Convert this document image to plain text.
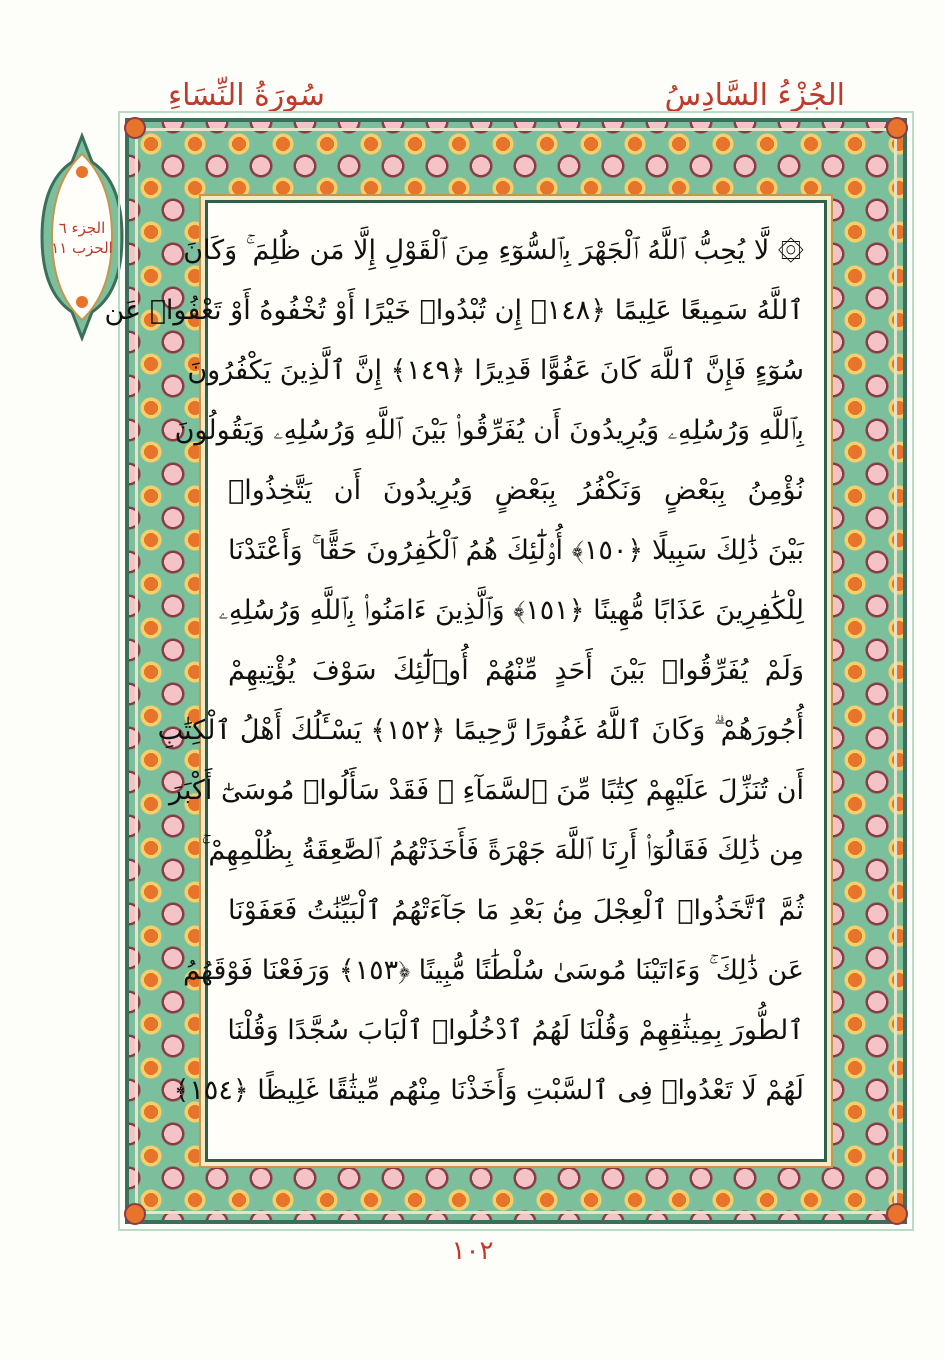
الجُزْءُ السَّادِسُ
سُورَةُ النِّسَاءِ
الجزء ٦
الحزب ١١	۞ لَّا يُحِبُّ ٱللَّهُ ٱلْجَهْرَ بِٱلسُّوٓءِ مِنَ ٱلْقَوْلِ إِلَّا مَن ظُلِمَ ۚ وَكَانَ
ٱللَّهُ سَمِيعًا عَلِيمًا ﴿١٤٨﴾ إِن تُبْدُوا۟ خَيْرًا أَوْ تُخْفُوهُ أَوْ تَعْفُوا۟ عَن
سُوٓءٍ فَإِنَّ ٱللَّهَ كَانَ عَفُوًّا قَدِيرًا ﴿١٤٩﴾ إِنَّ ٱلَّذِينَ يَكْفُرُونَ
بِٱللَّهِ وَرُسُلِهِۦ وَيُرِيدُونَ أَن يُفَرِّقُوا۟ بَيْنَ ٱللَّهِ وَرُسُلِهِۦ وَيَقُولُونَ
نُؤْمِنُ بِبَعْضٍ وَنَكْفُرُ بِبَعْضٍ وَيُرِيدُونَ أَن يَتَّخِذُوا۟
بَيْنَ ذَٰلِكَ سَبِيلًا ﴿١٥٠﴾ أُو۟لَٰٓئِكَ هُمُ ٱلْكَٰفِرُونَ حَقًّا ۚ وَأَعْتَدْنَا
لِلْكَٰفِرِينَ عَذَابًا مُّهِينًا ﴿١٥١﴾ وَٱلَّذِينَ ءَامَنُوا۟ بِٱللَّهِ وَرُسُلِهِۦ
وَلَمْ يُفَرِّقُوا۟ بَيْنَ أَحَدٍ مِّنْهُمْ أُو۟لَٰٓئِكَ سَوْفَ يُؤْتِيهِمْ
أُجُورَهُمْ ۗ وَكَانَ ٱللَّهُ غَفُورًا رَّحِيمًا ﴿١٥٢﴾ يَسْـَٔلُكَ أَهْلُ ٱلْكِتَٰبِ
أَن تُنَزِّلَ عَلَيْهِمْ كِتَٰبًا مِّنَ ٱلسَّمَآءِ ۚ فَقَدْ سَأَلُوا۟ مُوسَىٰٓ أَكْبَرَ
مِن ذَٰلِكَ فَقَالُوٓا۟ أَرِنَا ٱللَّهَ جَهْرَةً فَأَخَذَتْهُمُ ٱلصَّٰعِقَةُ بِظُلْمِهِمْ ۚ
ثُمَّ ٱتَّخَذُوا۟ ٱلْعِجْلَ مِنۢ بَعْدِ مَا جَآءَتْهُمُ ٱلْبَيِّنَٰتُ فَعَفَوْنَا
عَن ذَٰلِكَ ۚ وَءَاتَيْنَا مُوسَىٰ سُلْطَٰنًا مُّبِينًا ﴿١٥٣﴾ وَرَفَعْنَا فَوْقَهُمُ
ٱلطُّورَ بِمِيثَٰقِهِمْ وَقُلْنَا لَهُمُ ٱدْخُلُوا۟ ٱلْبَابَ سُجَّدًا وَقُلْنَا
لَهُمْ لَا تَعْدُوا۟ فِى ٱلسَّبْتِ وَأَخَذْنَا مِنْهُم مِّيثَٰقًا غَلِيظًا ﴿١٥٤﴾
١٠٢
